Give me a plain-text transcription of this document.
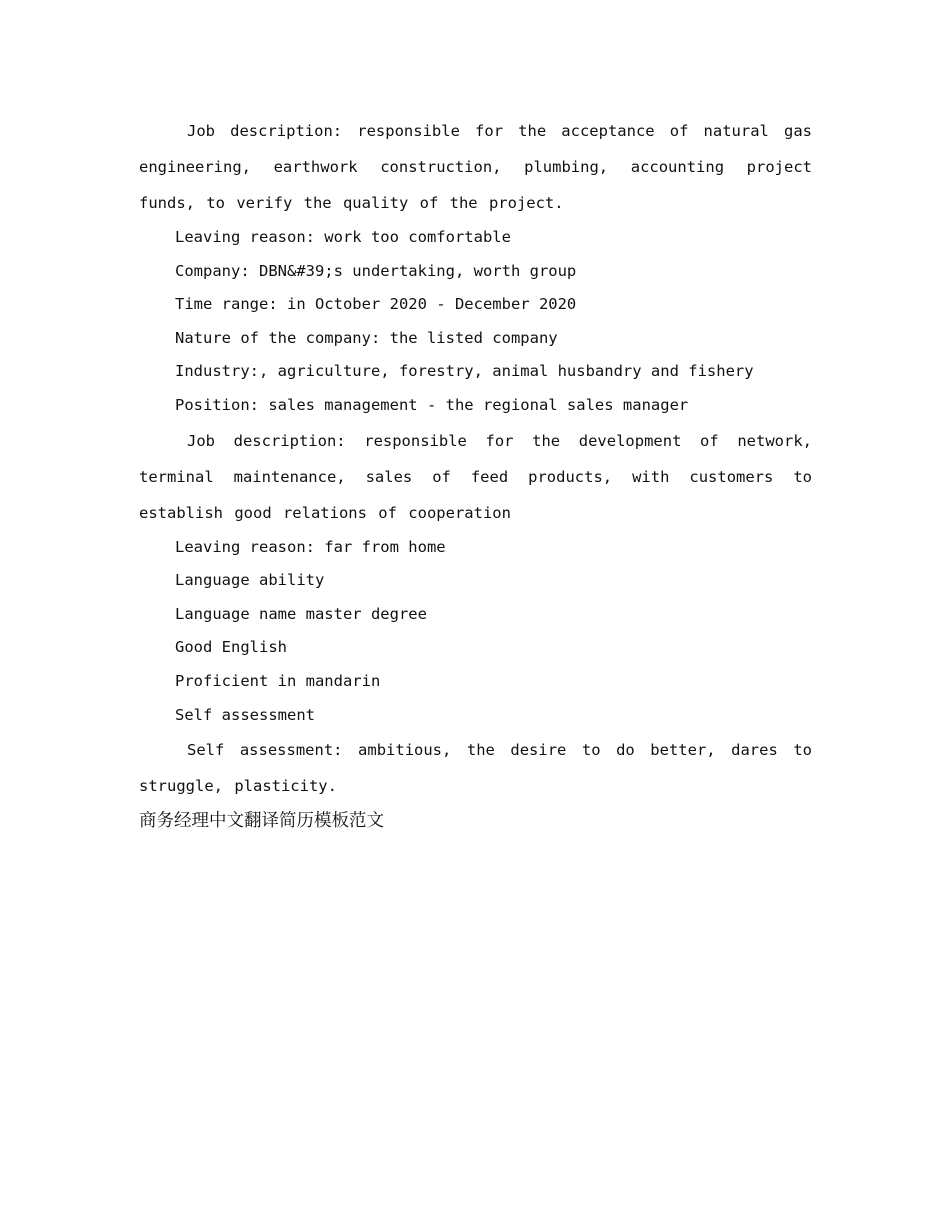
Job description: responsible for the acceptance of natural gas engineering, earthwork construction, plumbing, accounting project funds, to verify the quality of the project.

Leaving reason: work too comfortable

Company: DBN&#39;s undertaking, worth group

Time range: in October 2020 - December 2020

Nature of the company: the listed company

Industry:, agriculture, forestry, animal husbandry and fishery

Position: sales management - the regional sales manager

Job description: responsible for the development of network, terminal maintenance, sales of feed products, with customers to establish good relations of cooperation

Leaving reason: far from home

Language ability

Language name master degree

Good English

Proficient in mandarin

Self assessment

Self assessment: ambitious, the desire to do better, dares to struggle, plasticity.

商务经理中文翻译简历模板范文
